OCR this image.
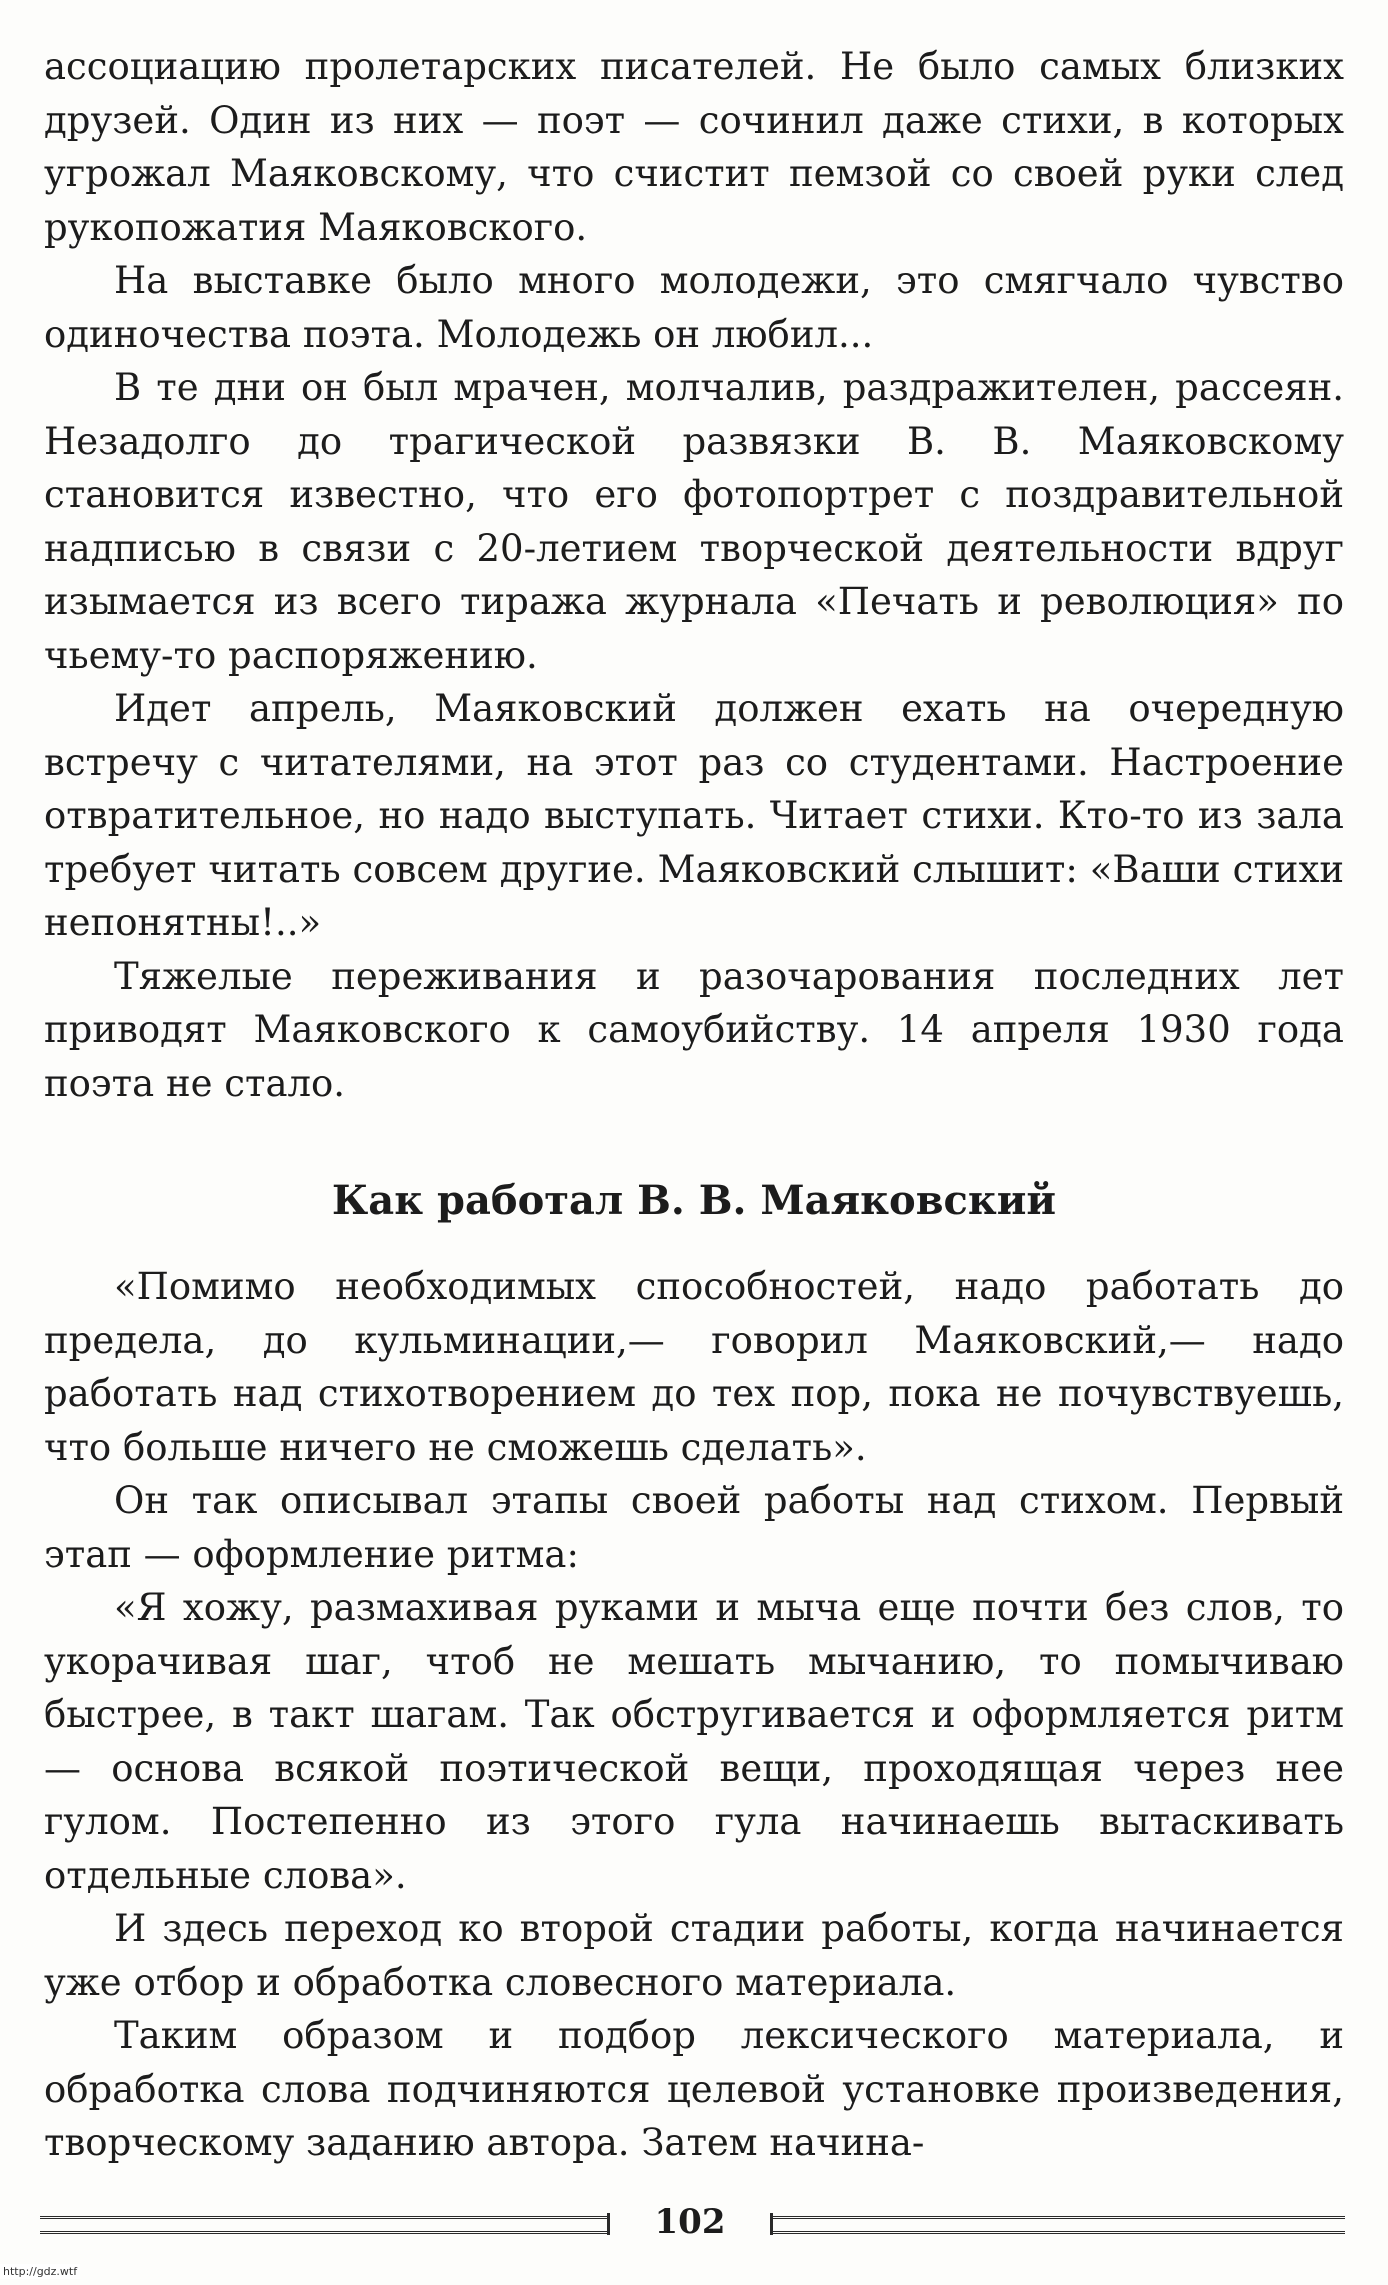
ассоциацию пролетарских писателей. Не было самых близких друзей. Один из них — поэт — сочинил даже стихи, в которых угрожал Маяковскому, что счистит пемзой со своей руки след рукопожатия Маяковского.

На выставке было много молодежи, это смягчало чувство одиночества поэта. Молодежь он любил...

В те дни он был мрачен, молчалив, раздражителен, рассеян. Незадолго до трагической развязки В. В. Маяковскому становится известно, что его фотопортрет с поздравительной надписью в связи с 20-летием творческой деятельности вдруг изымается из всего тиража журнала «Печать и революция» по чьему-то распоряжению.

Идет апрель, Маяковский должен ехать на очередную встречу с читателями, на этот раз со студентами. Настроение отвратительное, но надо выступать. Читает стихи. Кто-то из зала требует читать совсем другие. Маяковский слышит: «Ваши стихи непонятны!..»

Тяжелые переживания и разочарования последних лет приводят Маяковского к самоубийству. 14 апреля 1930 года поэта не стало.

Как работал В. В. Маяковский

«Помимо необходимых способностей, надо работать до предела, до кульминации,— говорил Маяковский,— надо работать над стихотворением до тех пор, пока не почувствуешь, что больше ничего не сможешь сделать».

Он так описывал этапы своей работы над стихом. Первый этап — оформление ритма:

«Я хожу, размахивая руками и мыча еще почти без слов, то укорачивая шаг, чтоб не мешать мычанию, то помычиваю быстрее, в такт шагам. Так обстругивается и оформляется ритм — основа всякой поэтической вещи, проходящая через нее гулом. Постепенно из этого гула начинаешь вытаскивать отдельные слова».

И здесь переход ко второй стадии работы, когда начинается уже отбор и обработка словесного материала.

Таким образом и подбор лексического материала, и обработка слова подчиняются целевой установке произведения, творческому заданию автора. Затем начина-

102
http://gdz.wtf
